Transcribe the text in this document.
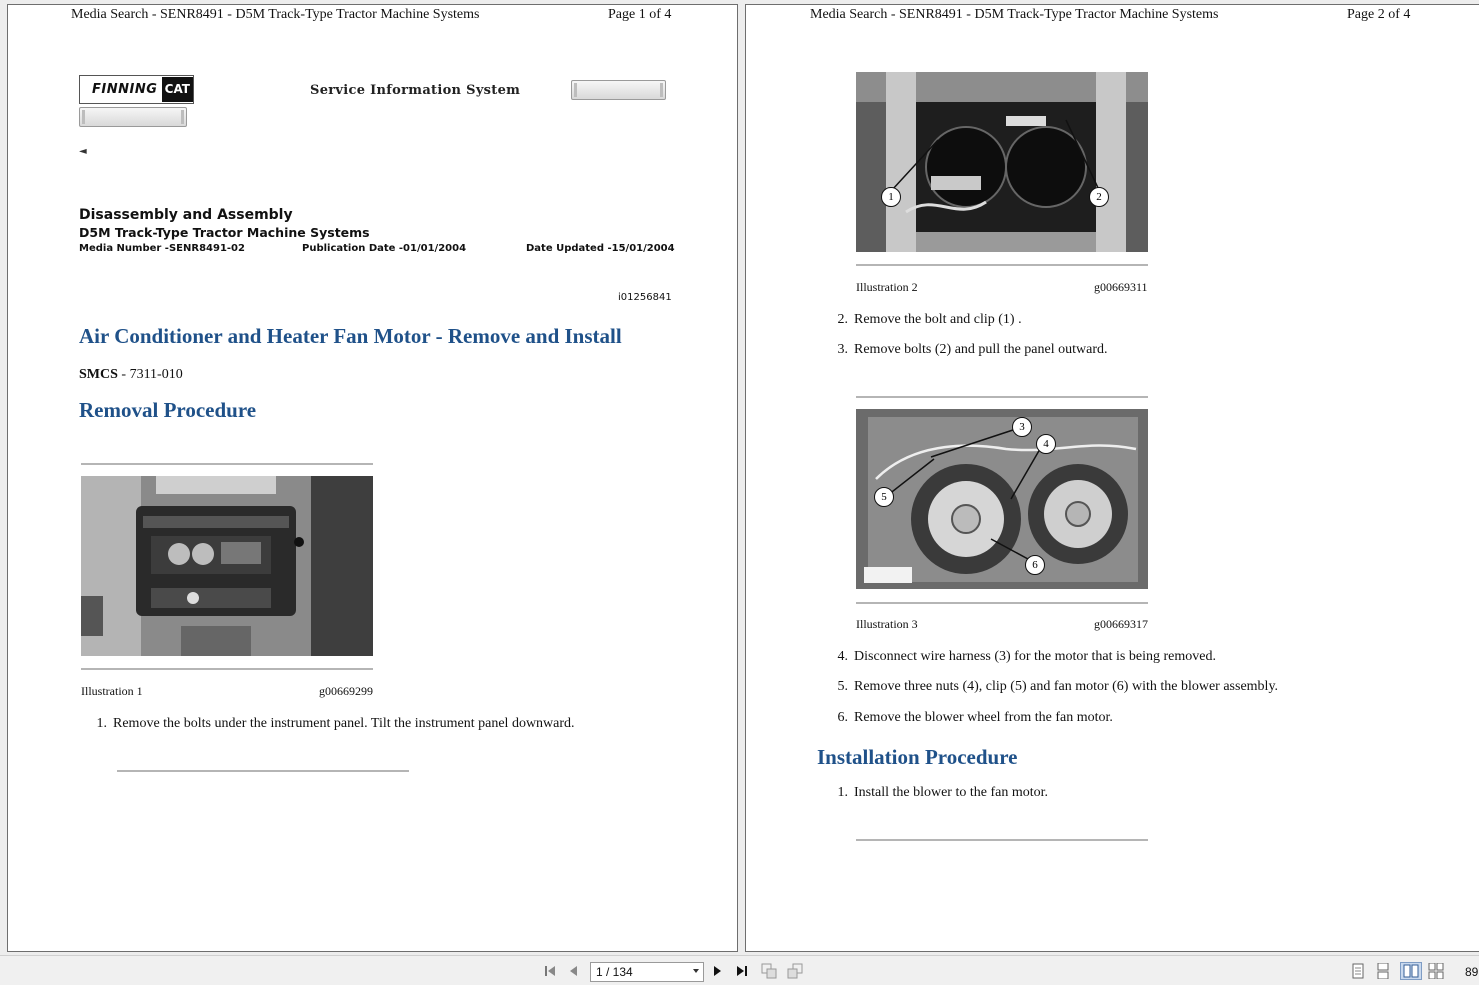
Media Search - SENR8491 - D5M Track-Type Tractor Machine Systems	Page 1 of 4
FINNING CAT	Service Information System
◄
Disassembly and Assembly
D5M Track-Type Tractor Machine Systems
Media Number -SENR8491-02	Publication Date -01/01/2004	Date Updated -15/01/2004
i01256841
Air Conditioner and Heater Fan Motor - Remove and Install
SMCS - 7311-010
Removal Procedure
Illustration 1	g00669299
1. Remove the bolts under the instrument panel. Tilt the instrument panel downward.
Media Search - SENR8491 - D5M Track-Type Tractor Machine Systems	Page 2 of 4
1	2
Illustration 2	g00669311
2. Remove the bolt and clip (1) .
3. Remove bolts (2) and pull the panel outward.
3
4
5
6
Illustration 3	g00669317
4. Disconnect wire harness (3) for the motor that is being removed.
5. Remove three nuts (4), clip (5) and fan motor (6) with the blower assembly.
6. Remove the blower wheel from the fan motor.
Installation Procedure
1. Install the blower to the fan motor.
1 / 134	89
